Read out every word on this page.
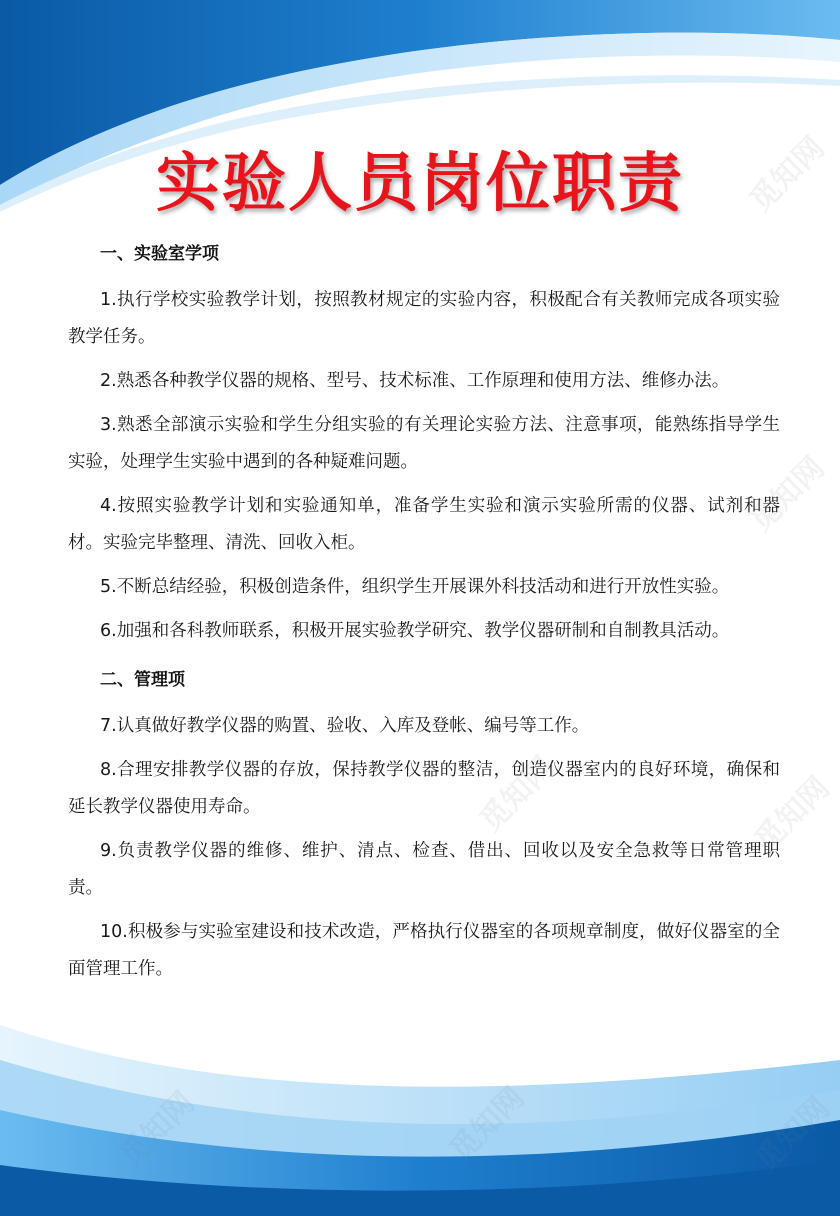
觅知网
觅知网
觅知网	觅知网
实验人员岗位职责

一、实验室学项

1.执行学校实验教学计划，按照教材规定的实验内容，积极配合有关教师完成各项实验教学任务。

2.熟悉各种教学仪器的规格、型号、技术标准、工作原理和使用方法、维修办法。

3.熟悉全部演示实验和学生分组实验的有关理论实验方法、注意事项，能熟练指导学生实验，处理学生实验中遇到的各种疑难问题。

4.按照实验教学计划和实验通知单，准备学生实验和演示实验所需的仪器、试剂和器材。实验完毕整理、清洗、回收入柜。

5.不断总结经验，积极创造条件，组织学生开展课外科技活动和进行开放性实验。

6.加强和各科教师联系，积极开展实验教学研究、教学仪器研制和自制教具活动。

二、管理项

7.认真做好教学仪器的购置、验收、入库及登帐、编号等工作。

8.合理安排教学仪器的存放，保持教学仪器的整洁，创造仪器室内的良好环境，确保和延长教学仪器使用寿命。

9.负责教学仪器的维修、维护、清点、检查、借出、回收以及安全急救等日常管理职责。

10.积极参与实验室建设和技术改造，严格执行仪器室的各项规章制度，做好仪器室的全面管理工作。
